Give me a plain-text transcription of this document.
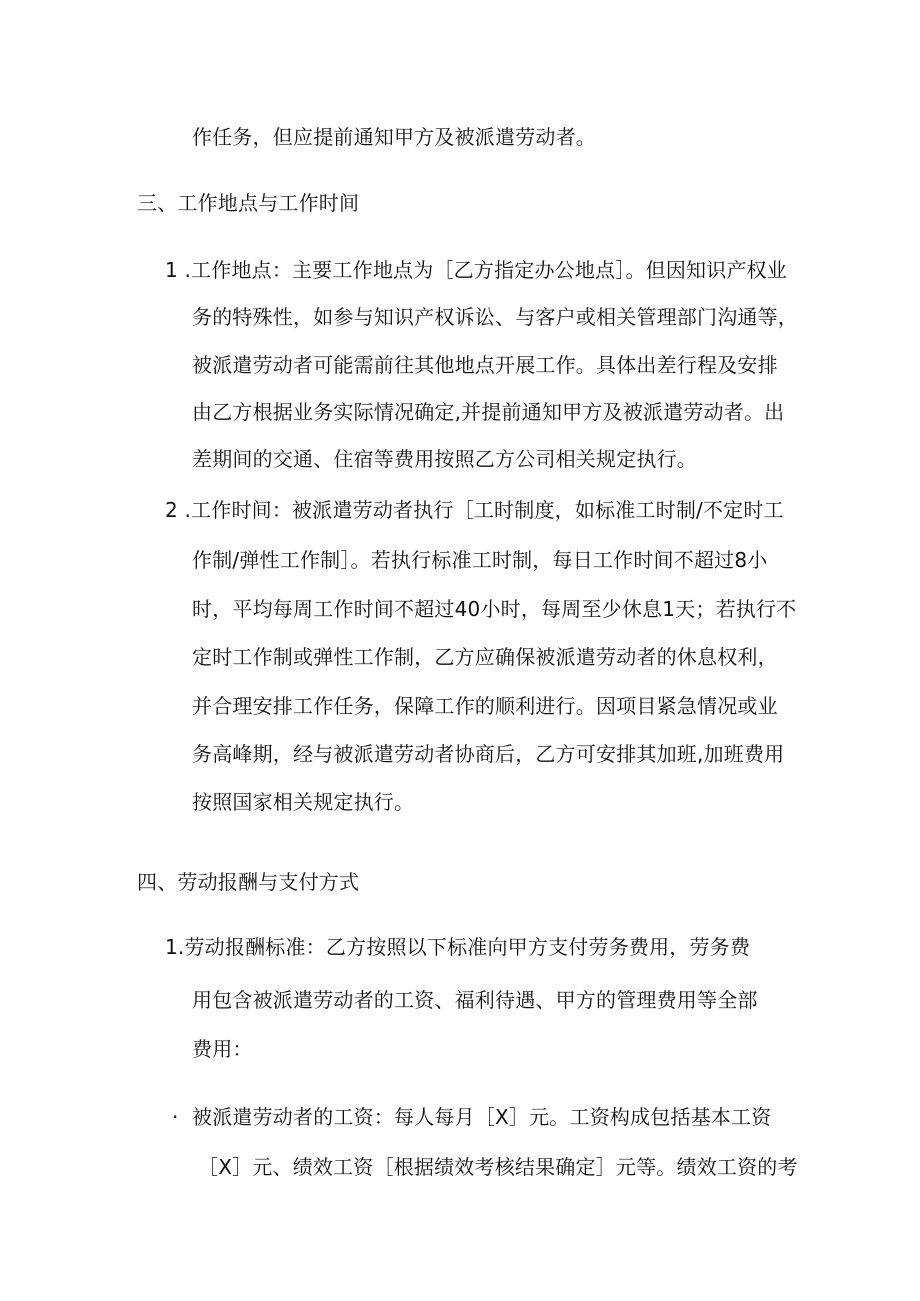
作任务，但应提前通知甲方及被派遣劳动者。
三、工作地点与工作时间
1 .工作地点：主要工作地点为［乙方指定办公地点］。但因知识产权业
务的特殊性，如参与知识产权诉讼、与客户或相关管理部门沟通等，
被派遣劳动者可能需前往其他地点开展工作。具体出差行程及安排
由乙方根据业务实际情况确定,并提前通知甲方及被派遣劳动者。出
差期间的交通、住宿等费用按照乙方公司相关规定执行。
2 .工作时间：被派遣劳动者执行［工时制度，如标准工时制/不定时工
作制/弹性工作制］。若执行标准工时制，每日工作时间不超过8小
时，平均每周工作时间不超过40小时，每周至少休息1天；若执行不
定时工作制或弹性工作制，乙方应确保被派遣劳动者的休息权利，
并合理安排工作任务，保障工作的顺利进行。因项目紧急情况或业
务高峰期，经与被派遣劳动者协商后，乙方可安排其加班,加班费用
按照国家相关规定执行。
四、劳动报酬与支付方式
1.劳动报酬标准：乙方按照以下标准向甲方支付劳务费用，劳务费
用包含被派遣劳动者的工资、福利待遇、甲方的管理费用等全部
费用：
· 被派遣劳动者的工资：每人每月［X］元。工资构成包括基本工资
［X］元、绩效工资［根据绩效考核结果确定］元等。绩效工资的考
